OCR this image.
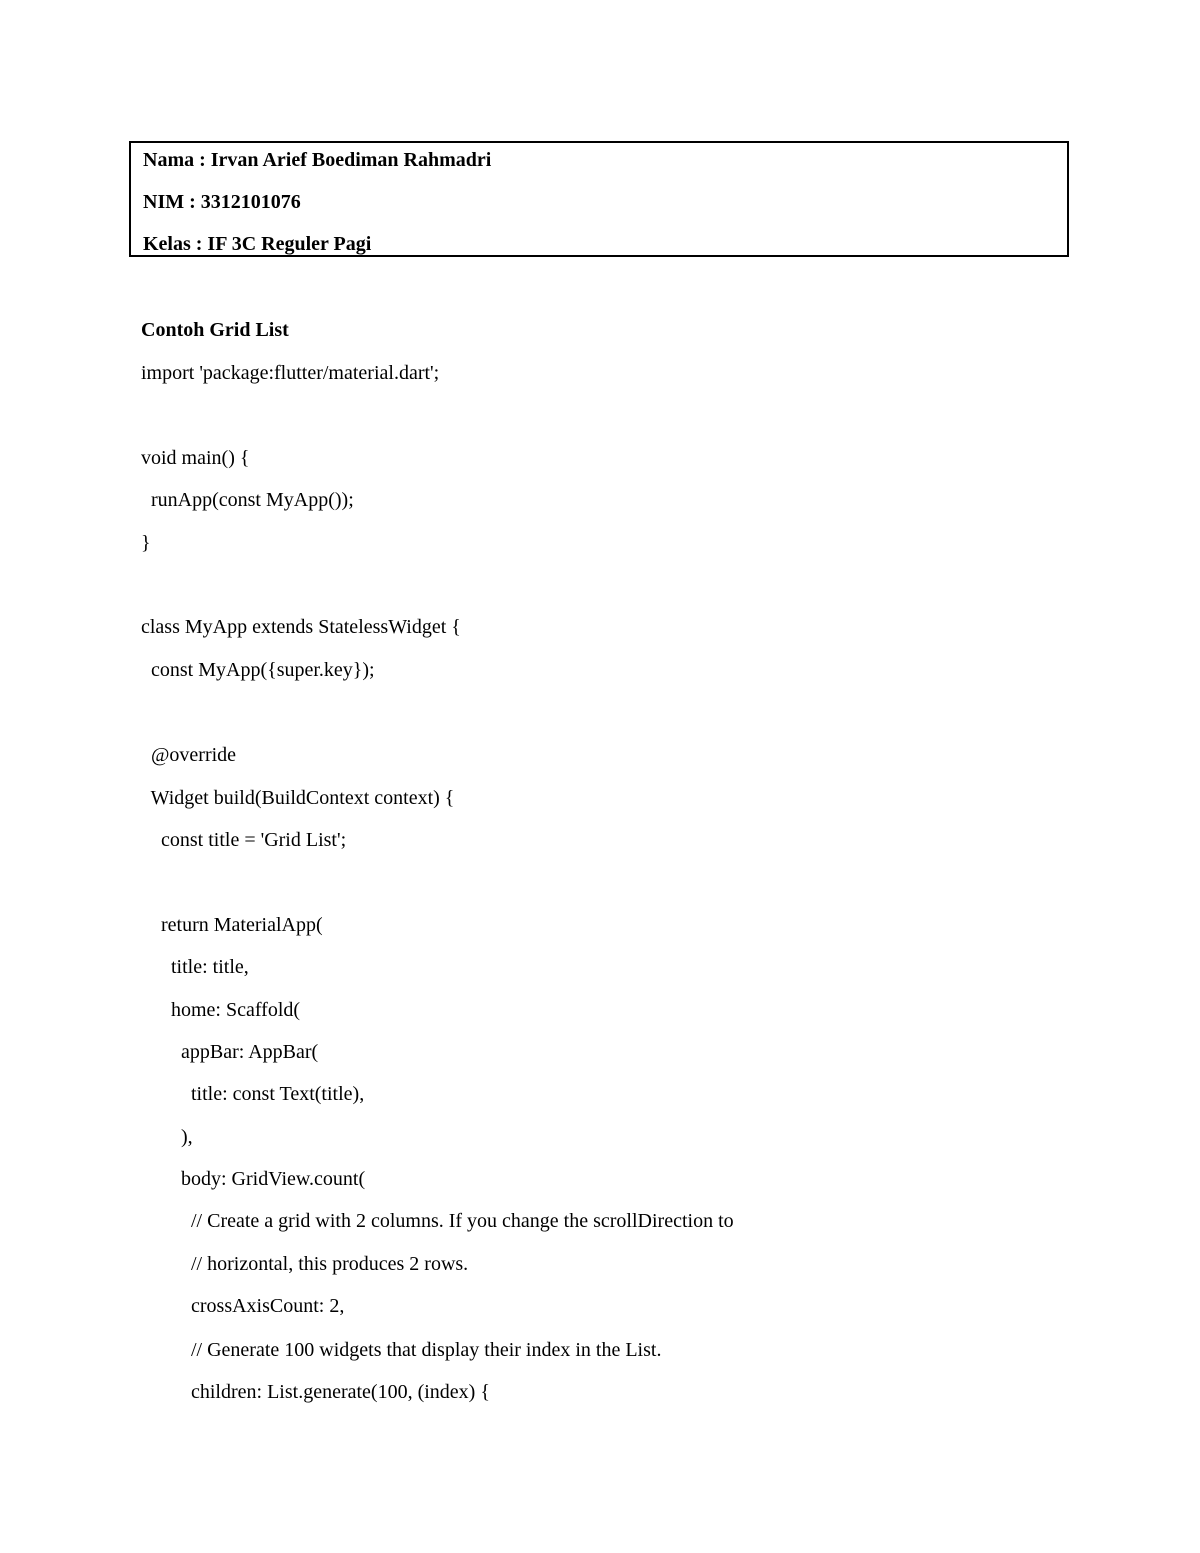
Nama : Irvan Arief Boediman Rahmadri
NIM : 3312101076
Kelas : IF 3C Reguler Pagi
Contoh Grid List
import 'package:flutter/material.dart';
void main() {
runApp(const MyApp());
}
class MyApp extends StatelessWidget {
const MyApp({super.key});
@override
Widget build(BuildContext context) {
const title = 'Grid List';
return MaterialApp(
title: title,
home: Scaffold(
appBar: AppBar(
title: const Text(title),
),
body: GridView.count(
// Create a grid with 2 columns. If you change the scrollDirection to
// horizontal, this produces 2 rows.
crossAxisCount: 2,
// Generate 100 widgets that display their index in the List.
children: List.generate(100, (index) {
